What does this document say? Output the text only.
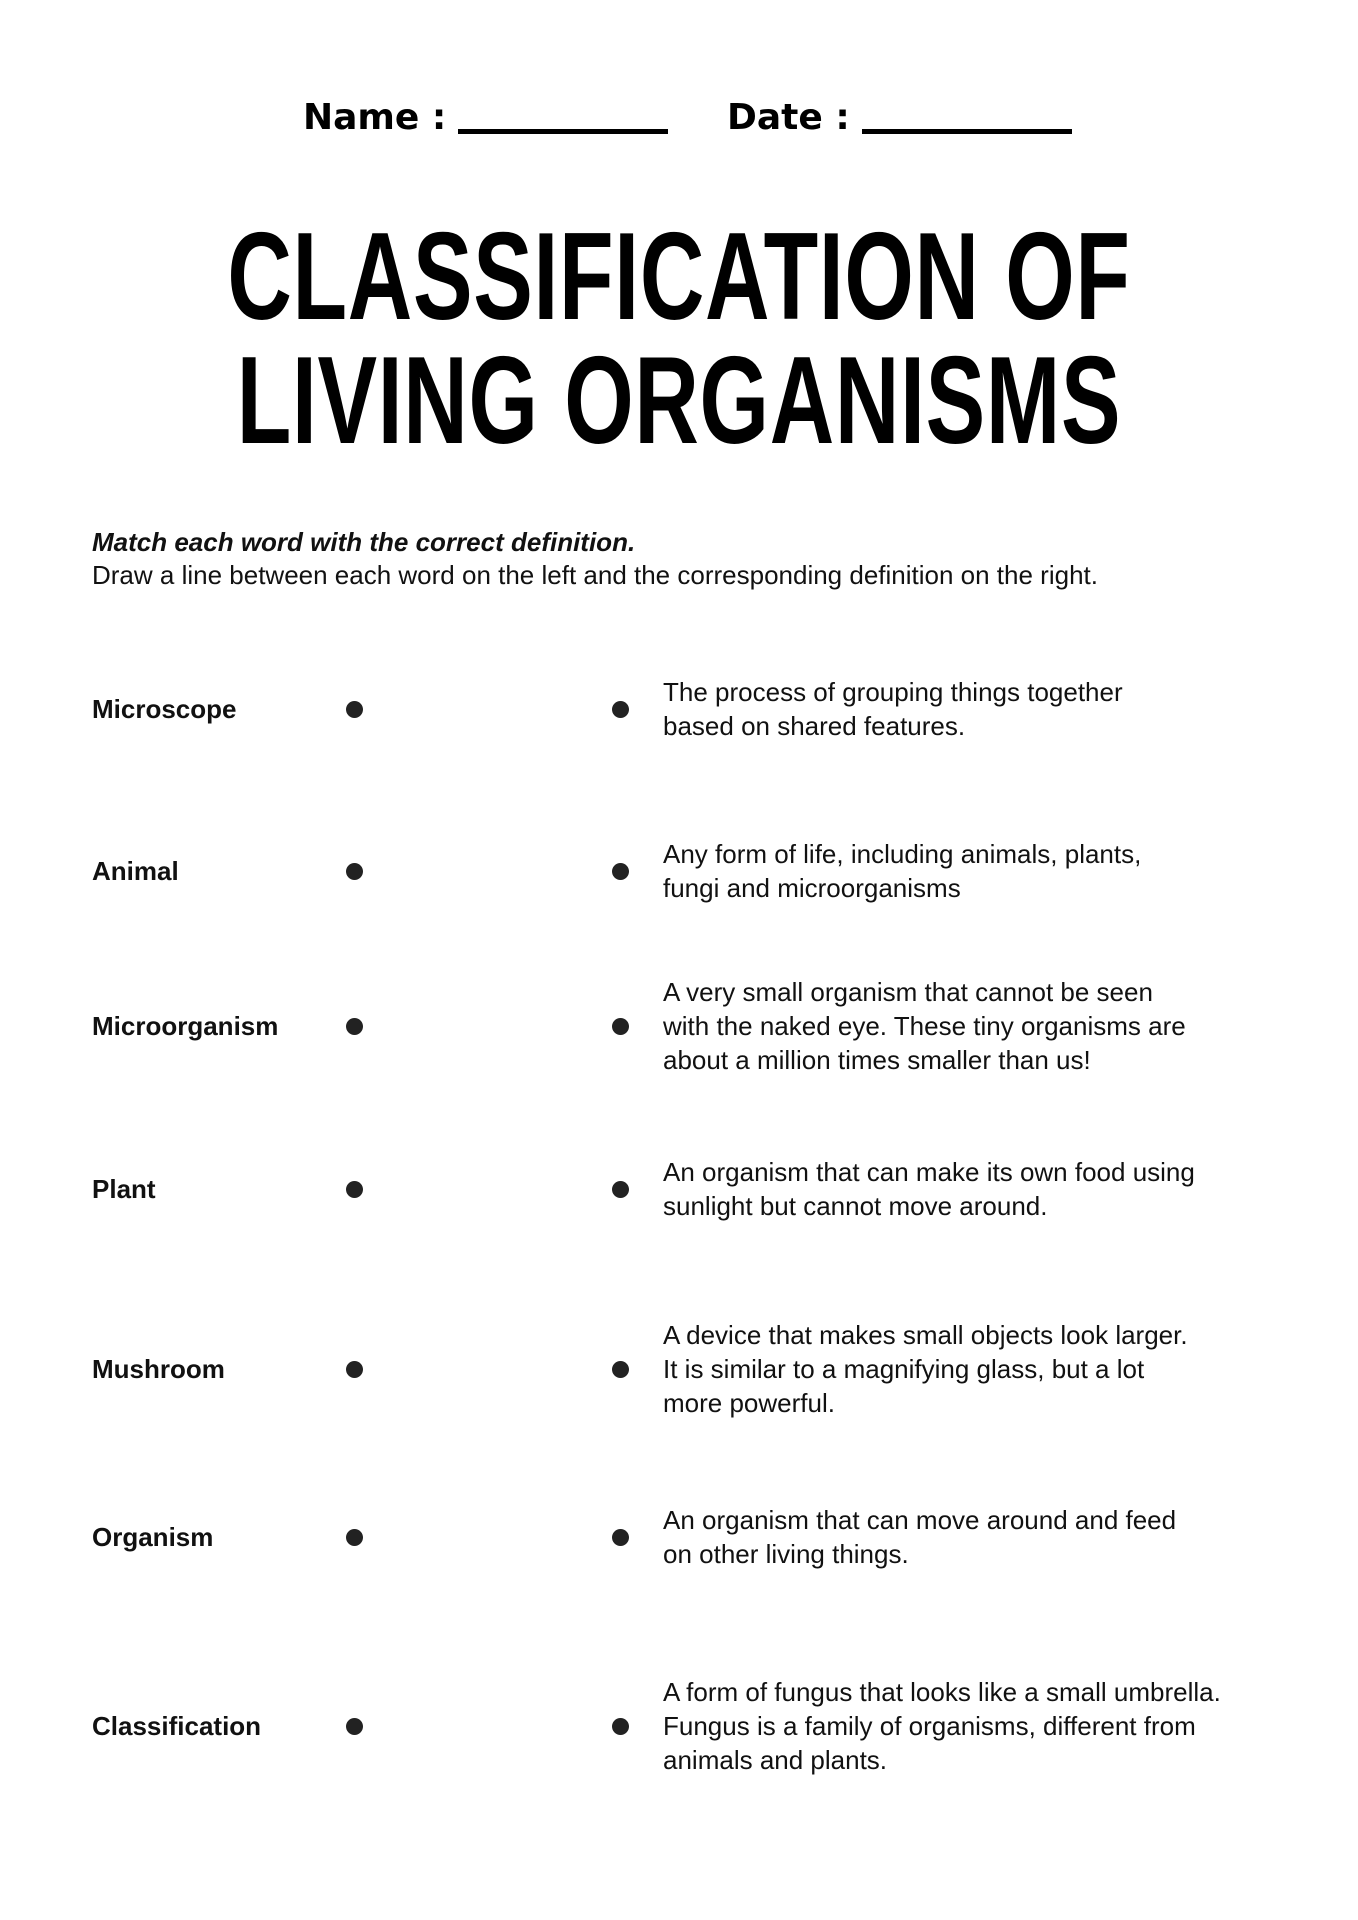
Name :	Date :
CLASSIFICATION OF
LIVING ORGANISMS
Match each word with the correct definition.
Draw a line between each word on the left and the corresponding definition on the right.
Microscope
The process of grouping things together
based on shared features.
Animal
Any form of life, including animals, plants,
fungi and microorganisms
Microorganism
A very small organism that cannot be seen
with the naked eye. These tiny organisms are
about a million times smaller than us!
Plant
An organism that can make its own food using
sunlight but cannot move around.
Mushroom
A device that makes small objects look larger.
It is similar to a magnifying glass, but a lot
more powerful.
Organism
An organism that can move around and feed
on other living things.
Classification
A form of fungus that looks like a small umbrella.
Fungus is a family of organisms, different from
animals and plants.
